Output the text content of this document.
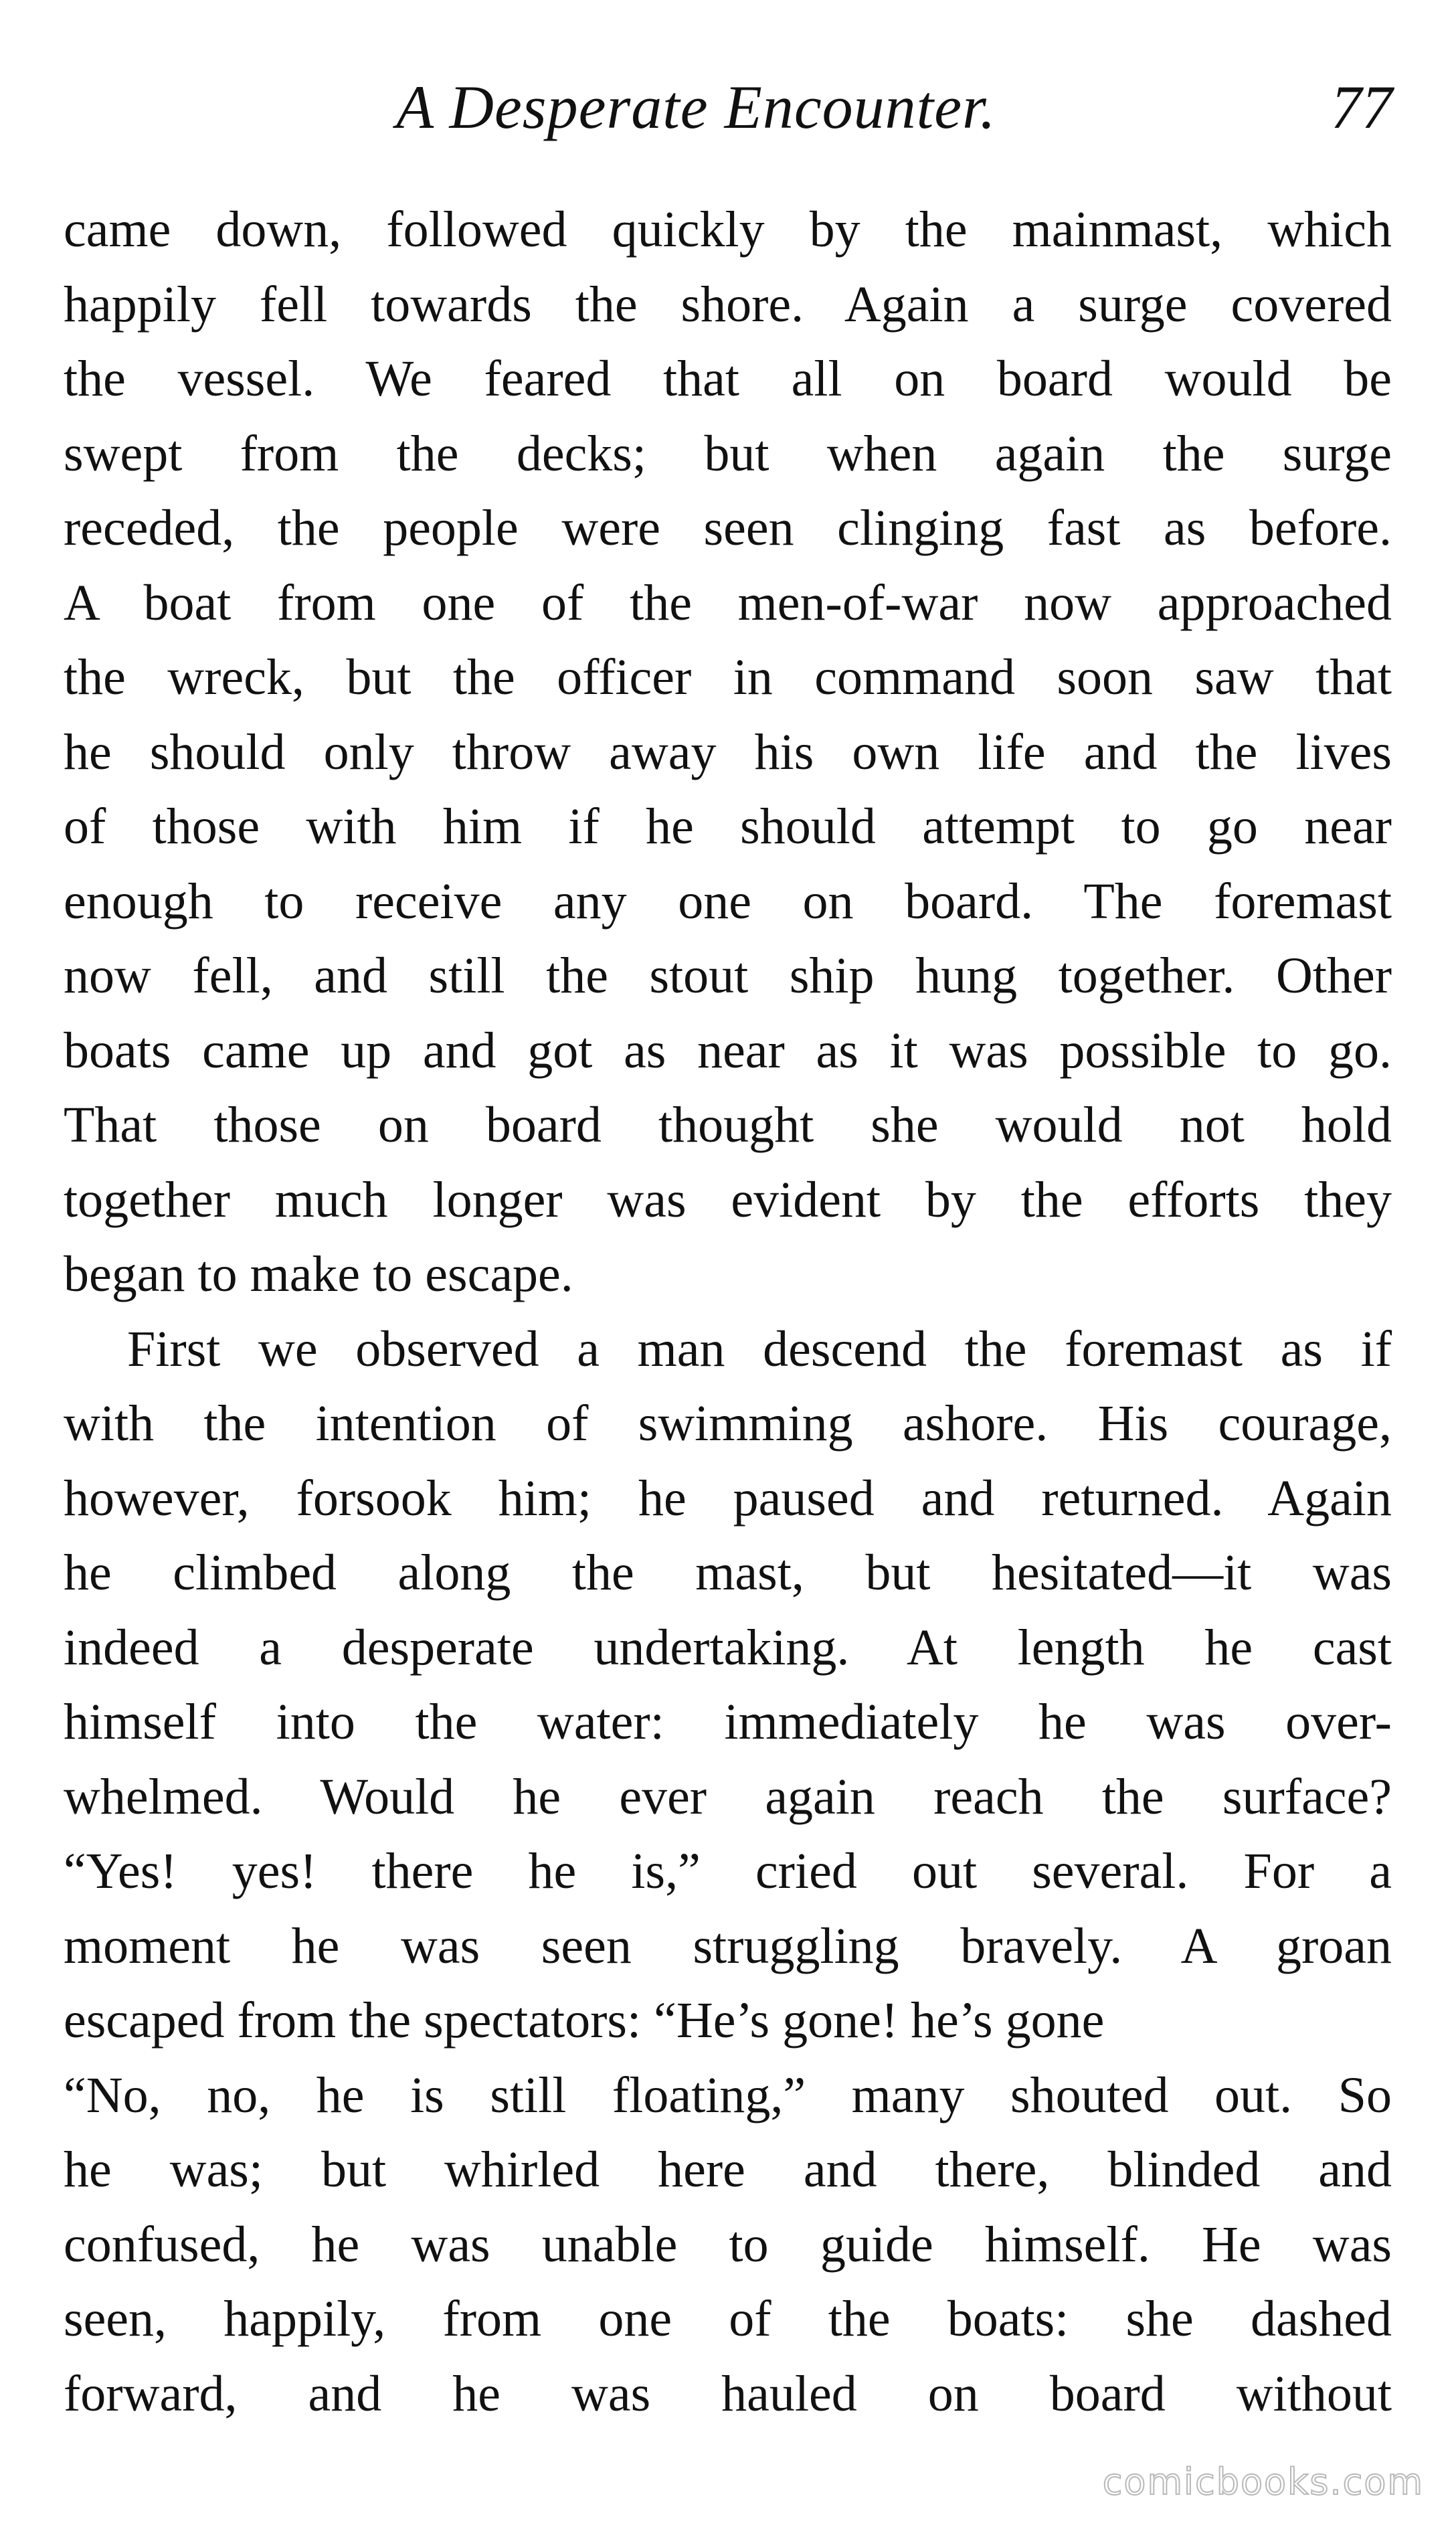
A Desperate Encounter.	77
came down, followed quickly by the mainmast, which
happily fell towards the shore. Again a surge covered
the vessel. We feared that all on board would be
swept from the decks; but when again the surge
receded, the people were seen clinging fast as before.
A boat from one of the men-of-war now approached
the wreck, but the officer in command soon saw that
he should only throw away his own life and the lives
of those with him if he should attempt to go near
enough to receive any one on board. The foremast
now fell, and still the stout ship hung together. Other
boats came up and got as near as it was possible to go.
That those on board thought she would not hold
together much longer was evident by the efforts they
began to make to escape.
First we observed a man descend the foremast as if
with the intention of swimming ashore. His courage,
however, forsook him; he paused and returned. Again
he climbed along the mast, but hesitated—it was
indeed a desperate undertaking. At length he cast
himself into the water: immediately he was over-
whelmed. Would he ever again reach the surface?
“Yes! yes! there he is,” cried out several. For a
moment he was seen struggling bravely. A groan
escaped from the spectators: “He’s gone! he’s gone
“No, no, he is still floating,” many shouted out. So
he was; but whirled here and there, blinded and
confused, he was unable to guide himself. He was
seen, happily, from one of the boats: she dashed
forward, and he was hauled on board without
comicbooks.com
